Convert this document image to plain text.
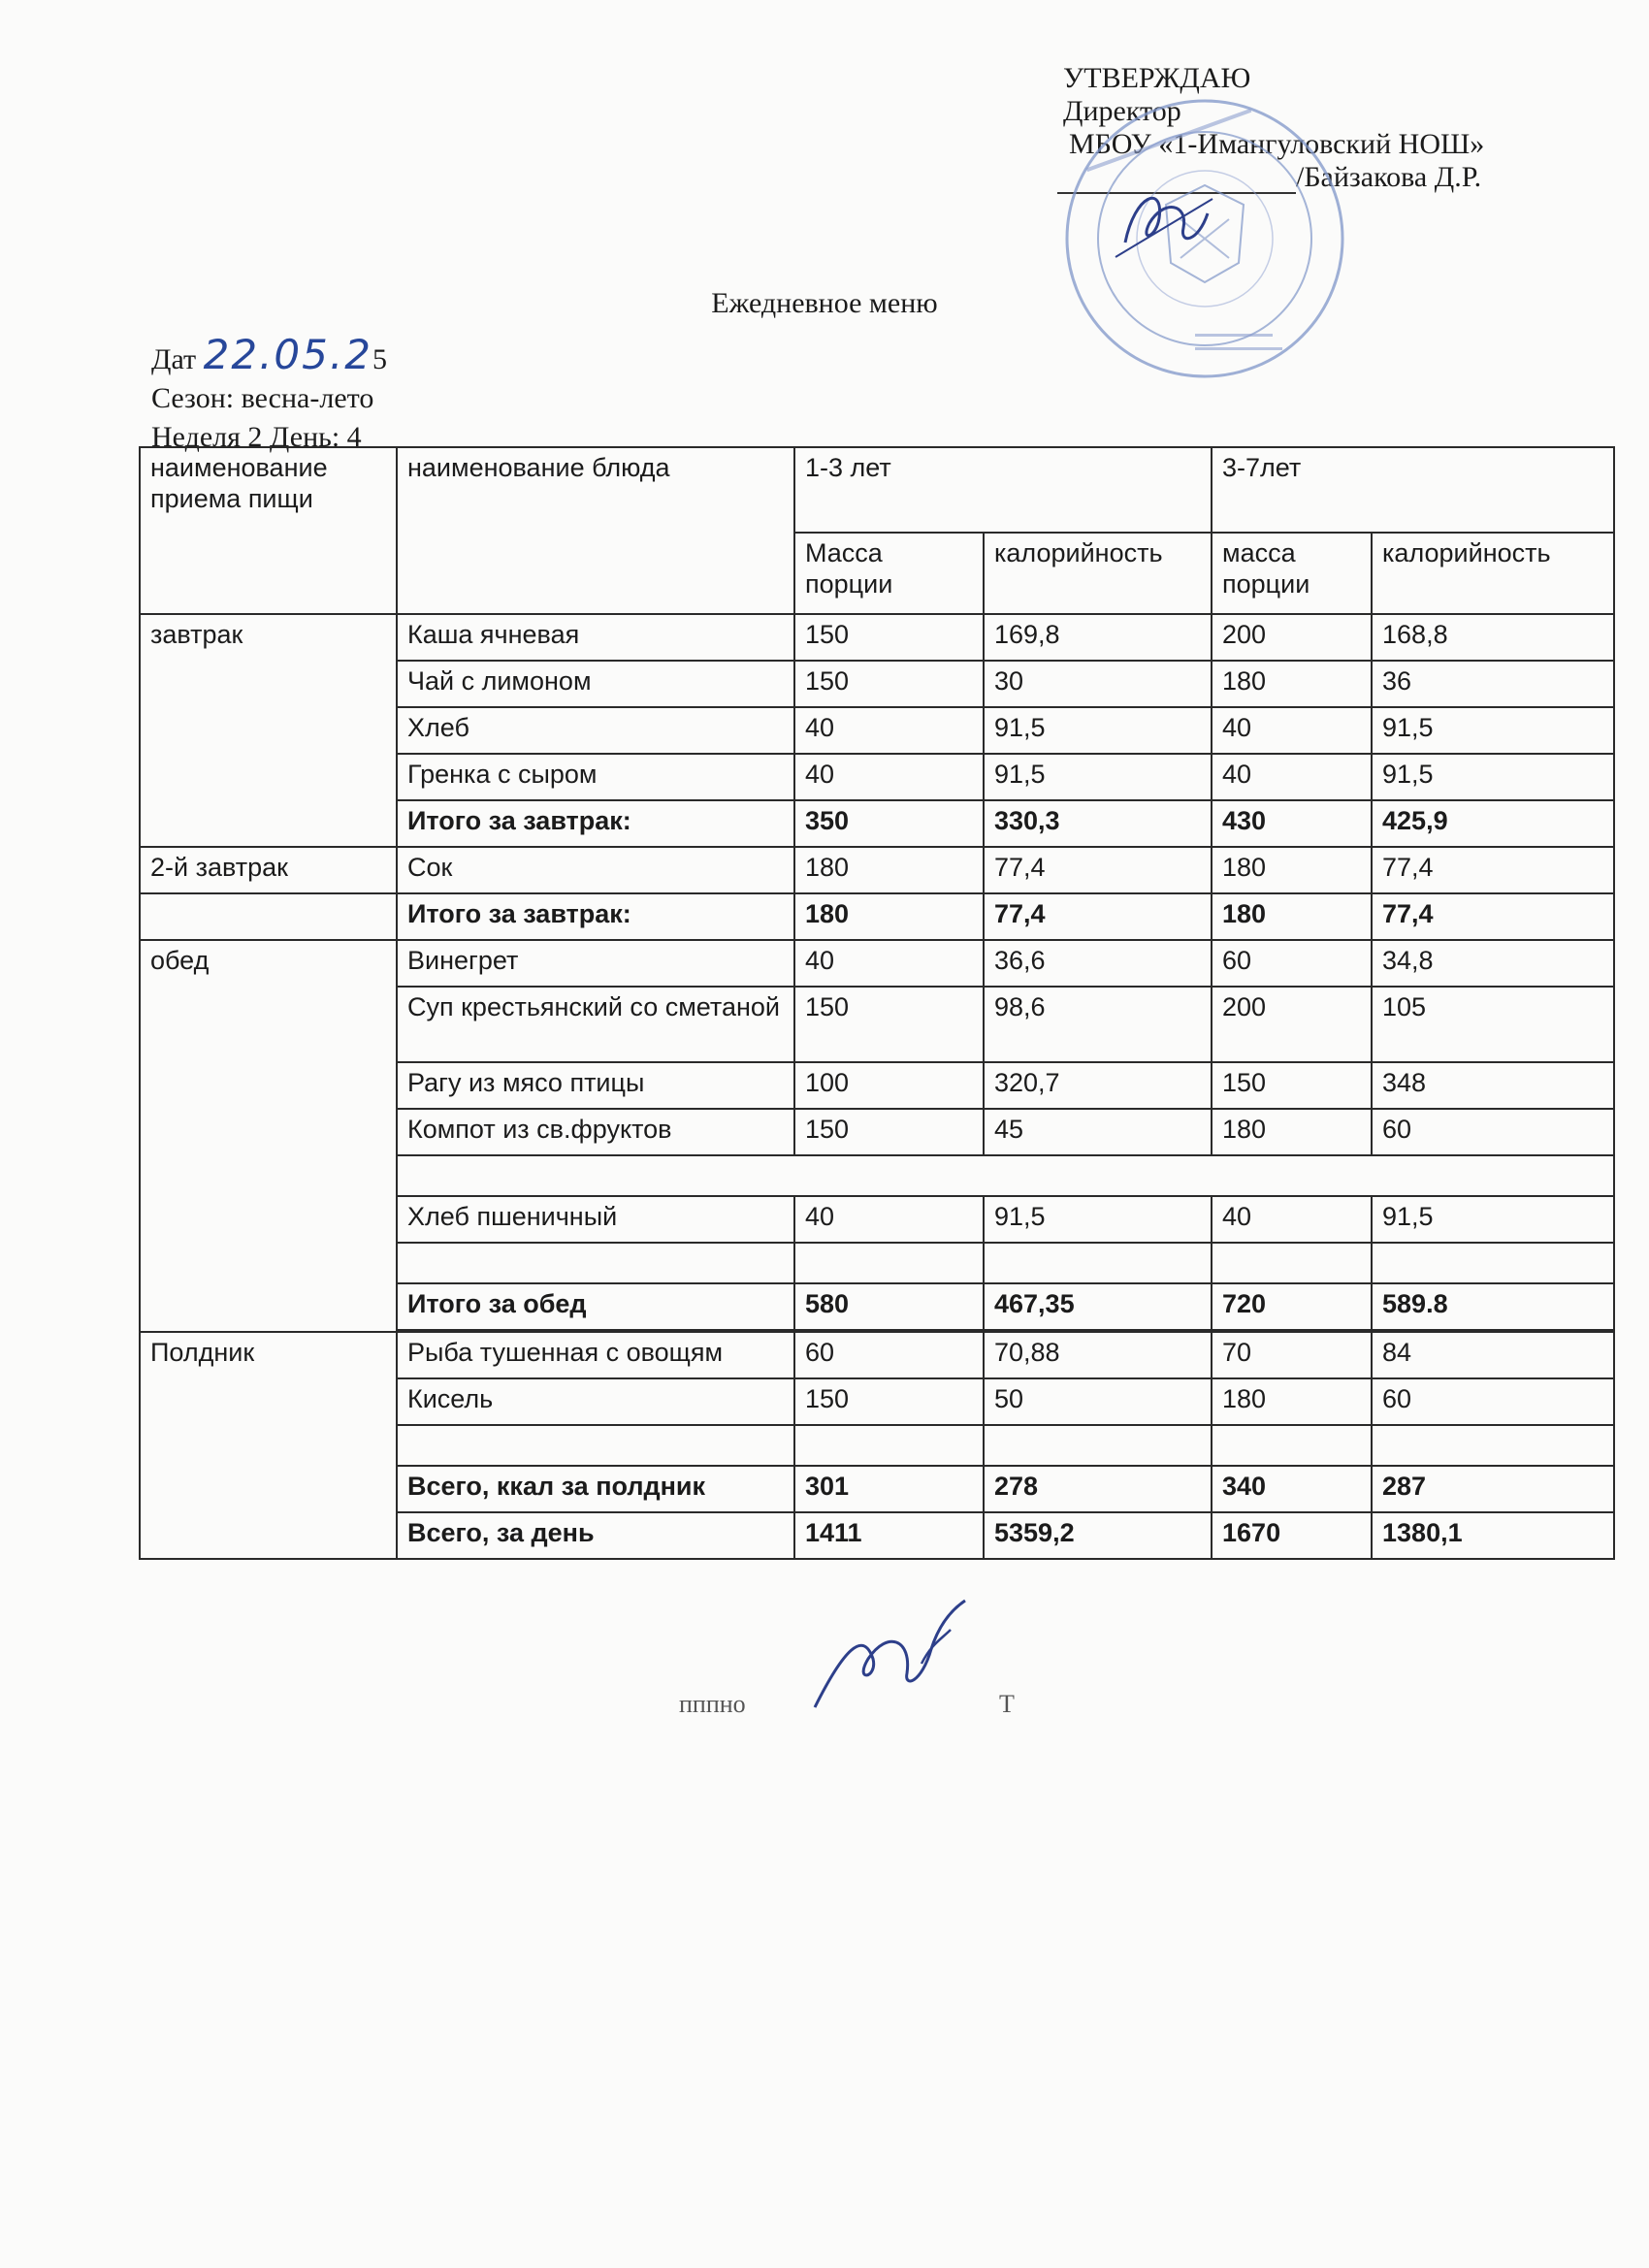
УТВЕРЖДАЮ
Директор
МБОУ «1-Имангуловский НОШ»
/Байзакова Д.Р.
Ежедневное меню
Дат 22.05.25
Сезон: весна-лето
Неделя 2 День: 4
наименование приема пищи	наименование блюда	1-3 лет		3-7лет	
		Масса порции	калорийность	масса порции	калорийность
завтрак	Каша ячневая	150	169,8	200	168,8
	Чай с лимоном	150	30	180	36
	Хлеб	40	91,5	40	91,5
	Гренка с сыром	40	91,5	40	91,5
	Итого за завтрак:	350	330,3	430	425,9
2-й завтрак	Сок	180	77,4	180	77,4
	Итого за завтрак:	180	77,4	180	77,4
обед	Винегрет	40	36,6	60	34,8
	Суп крестьянский со сметаной	150	98,6	200	105
	Рагу из мясо птицы	100	320,7	150	348
	Компот из св.фруктов	150	45	180	60

	Хлеб пшеничный	40	91,5	40	91,5

	Итого за обед	580	467,35	720	589.8

Полдник	Рыба тушенная с овощям	60	70,88	70	84
	Кисель	150	50	180	60

	Всего, ккал за полдник	301	278	340	287
	Всего, за день	1411	5359,2	1670	1380,1
пппно	Т
